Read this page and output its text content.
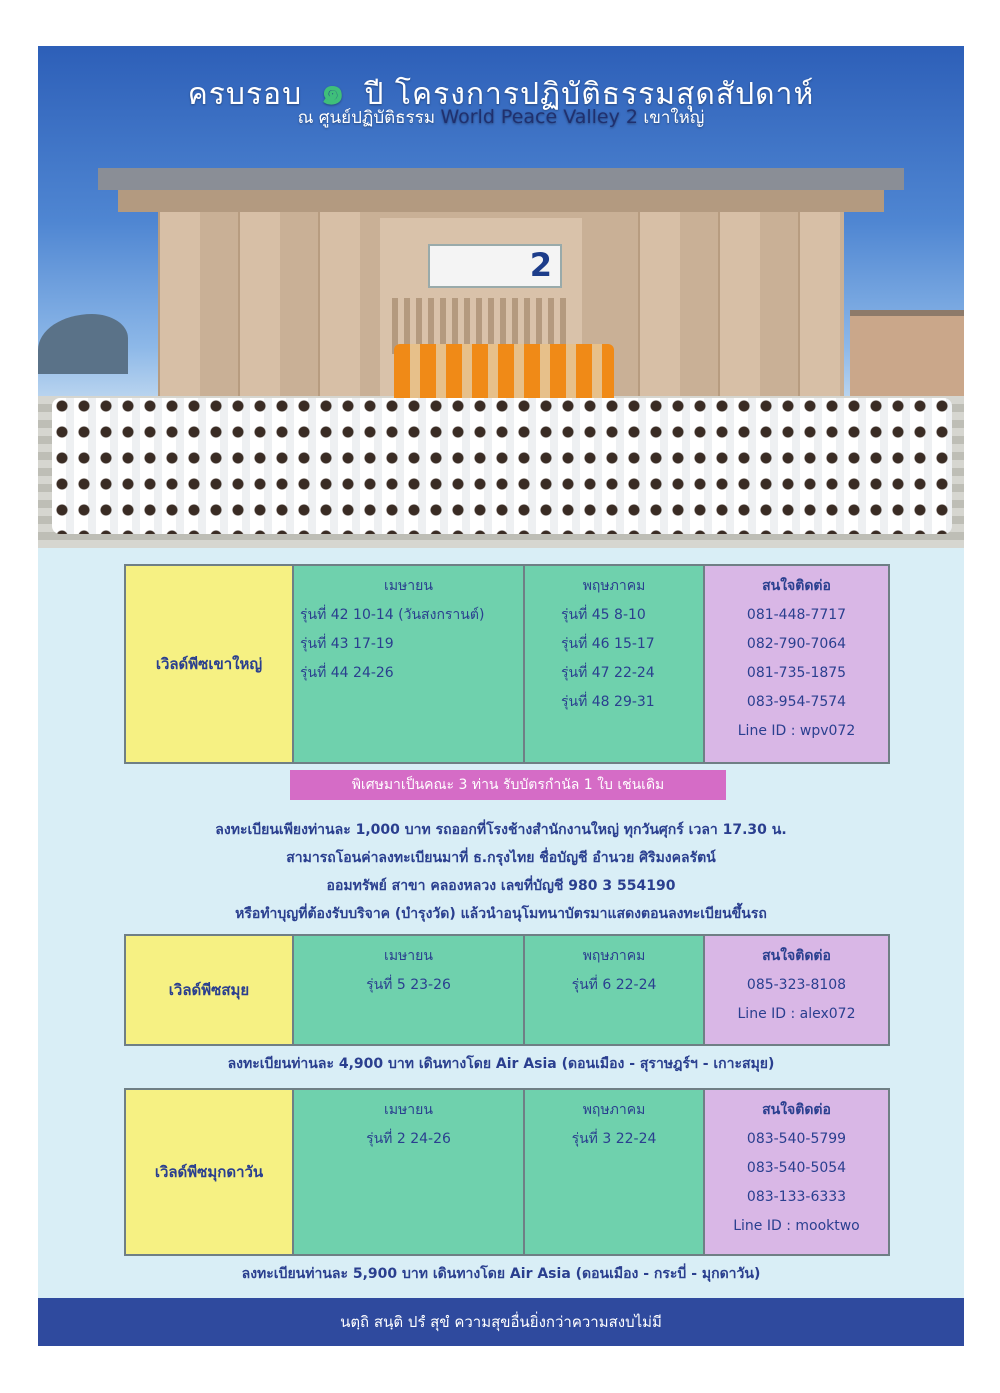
ครบรอบ ๑ ปี โครงการปฏิบัติธรรมสุดสัปดาห์
ณ ศูนย์ปฏิบัติธรรม World Peace Valley 2 เขาใหญ่
2
เวิลด์พีซเขาใหญ่
เมษายน
รุ่นที่ 42 10-14 (วันสงกรานต์)
รุ่นที่ 43 17-19
รุ่นที่ 44 24-26
พฤษภาคม
รุ่นที่ 45 8-10
รุ่นที่ 46 15-17
รุ่นที่ 47 22-24
รุ่นที่ 48 29-31
สนใจติดต่อ
081-448-7717
082-790-7064
081-735-1875
083-954-7574
Line ID : wpv072
พิเศษมาเป็นคณะ 3 ท่าน รับบัตรกำนัล 1 ใบ เช่นเดิม
ลงทะเบียนเพียงท่านละ 1,000 บาท รถออกที่โรงช้างสำนักงานใหญ่ ทุกวันศุกร์ เวลา 17.30 น.
สามารถโอนค่าลงทะเบียนมาที่ ธ.กรุงไทย ชื่อบัญชี อำนวย ศิริมงคลรัตน์
ออมทรัพย์ สาขา คลองหลวง เลขที่บัญชี 980 3 554190
หรือทำบุญที่ต้องรับบริจาค (บำรุงวัด) แล้วนำอนุโมทนาบัตรมาแสดงตอนลงทะเบียนขึ้นรถ
เวิลด์พีซสมุย
เมษายน
รุ่นที่ 5 23-26
พฤษภาคม
รุ่นที่ 6 22-24
สนใจติดต่อ
085-323-8108
Line ID : alex072
ลงทะเบียนท่านละ 4,900 บาท เดินทางโดย Air Asia (ดอนเมือง - สุราษฎร์ฯ - เกาะสมุย)
เวิลด์พีซมุกดาวัน
เมษายน
รุ่นที่ 2 24-26
พฤษภาคม
รุ่นที่ 3 22-24
สนใจติดต่อ
083-540-5799
083-540-5054
083-133-6333
Line ID : mooktwo
ลงทะเบียนท่านละ 5,900 บาท เดินทางโดย Air Asia (ดอนเมือง - กระบี่ - มุกดาวัน)
นตฺถิ สนฺติ ปรํ สุขํ ความสุขอื่นยิ่งกว่าความสงบไม่มี
